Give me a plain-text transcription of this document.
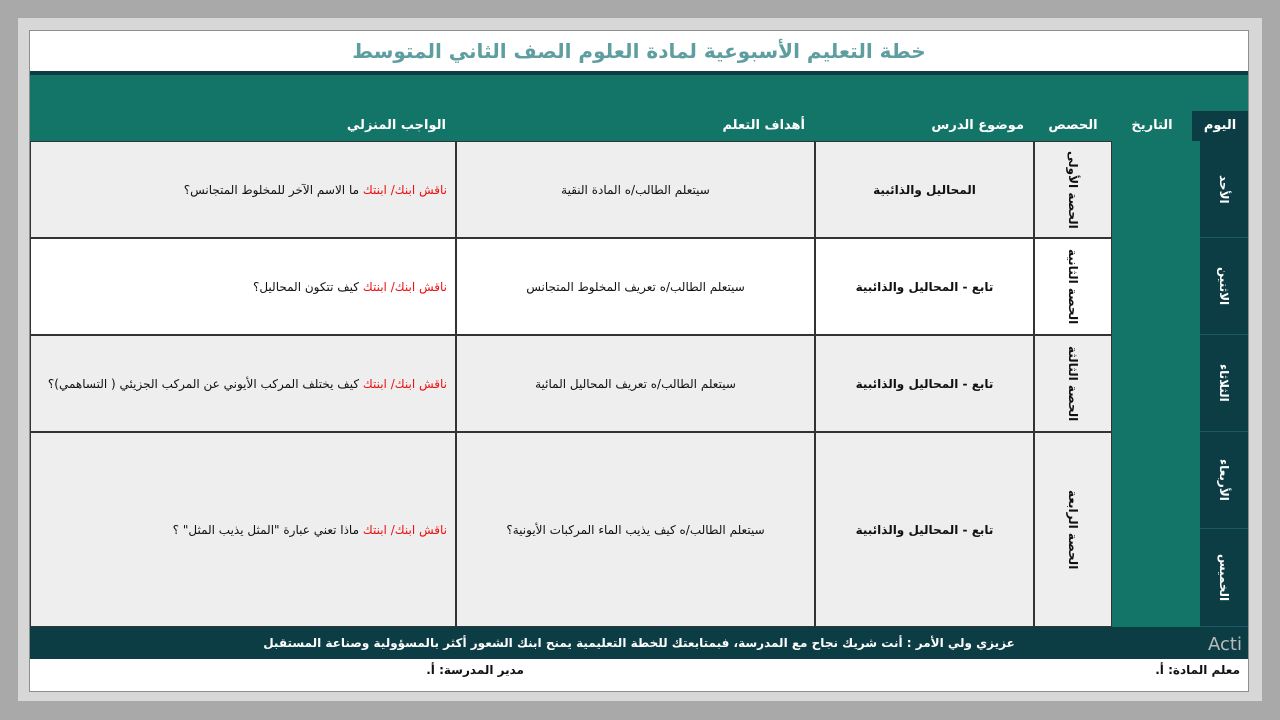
خطة التعليم الأسبوعية لمادة العلوم الصف الثاني المتوسط
اليوم
التاريخ
الحصص
موضوع الدرس
أهداف التعلم
الواجب المنزلي
الأحد
الاثنين
الثلاثاء
الأربعاء
الخميس
الحصة الأولى
المحاليل والذائبية
سيتعلم الطالب/ه المادة النقية
ناقش ابنك/ ابنتك ما الاسم الآخر للمخلوط المتجانس؟
الحصة الثانية
تابع - المحاليل والذائبية
سيتعلم الطالب/ه تعريف المخلوط المتجانس
ناقش ابنك/ ابنتك كيف تتكون المحاليل؟
الحصة الثالثة
تابع - المحاليل والذائبية
سيتعلم الطالب/ه تعريف المحاليل المائية
ناقش ابنك/ ابنتك كيف يختلف المركب الأيوني عن المركب الجزيئي ( التساهمي)؟
الحصة الرابعة
تابع - المحاليل والذائبية
سيتعلم الطالب/ه كيف يذيب الماء المركبات الأيونية؟
ناقش ابنك/ ابنتك ماذا تعني عبارة "المثل يذيب المثل" ؟
عزيزي ولي الأمر : أنت شريك نجاح مع المدرسة، فبمتابعتك للخطة التعليمية يمنح ابنك الشعور أكثر بالمسؤولية وصناعة المستقبل
معلم المادة: أ.
مدير المدرسة: أ.
Acti
